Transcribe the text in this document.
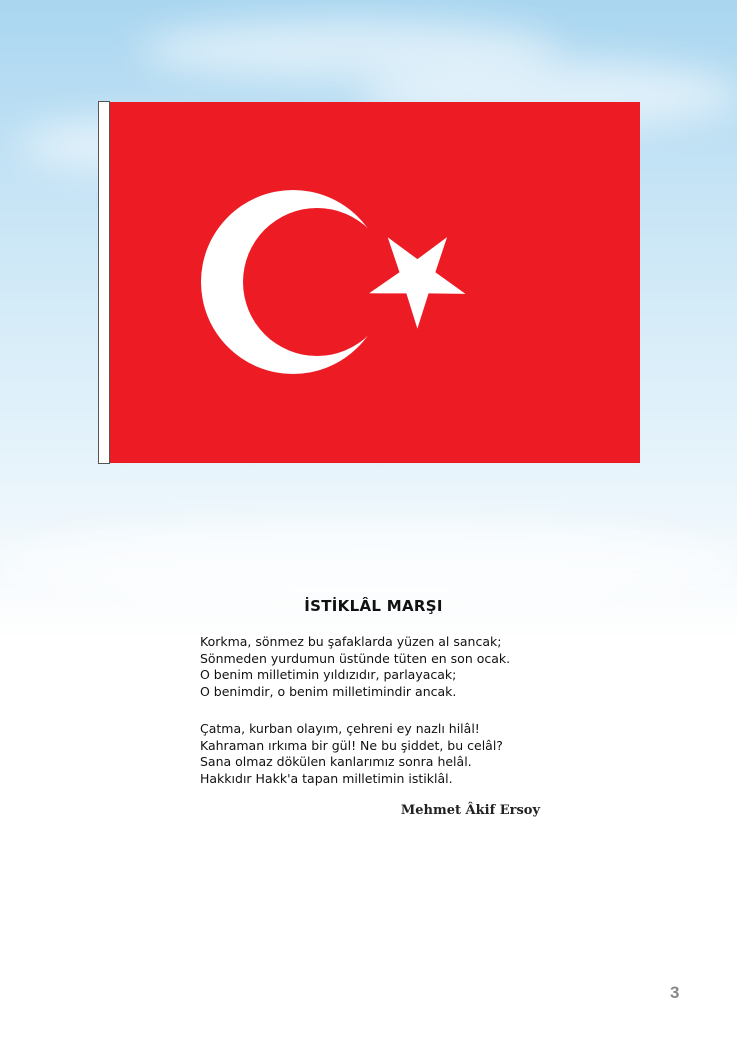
İSTİKLÂL MARŞI
Korkma, sönmez bu şafaklarda yüzen al sancak;
Sönmeden yurdumun üstünde tüten en son ocak.
O benim milletimin yıldızıdır, parlayacak;
O benimdir, o benim milletimindir ancak.
Çatma, kurban olayım, çehreni ey nazlı hilâl!
Kahraman ırkıma bir gül! Ne bu şiddet, bu celâl?
Sana olmaz dökülen kanlarımız sonra helâl.
Hakkıdır Hakk'a tapan milletimin istiklâl.
Mehmet Âkif Ersoy
3
